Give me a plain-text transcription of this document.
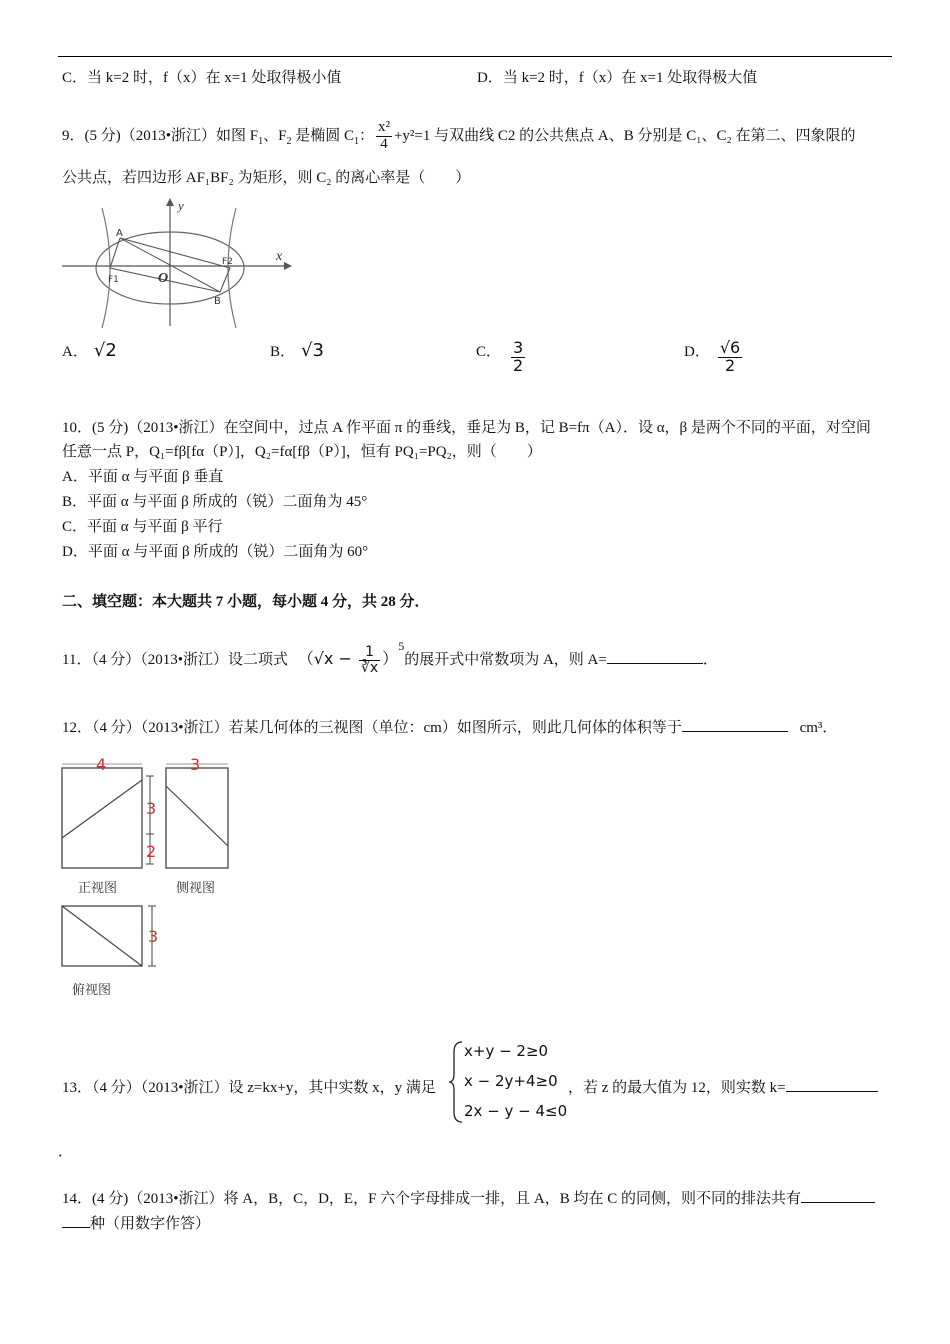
C．当 k=2 时，f（x）在 x=1 处取得极小值	D．当 k=2 时，f（x）在 x=1 处取得极大值
9．(5 分)（2013•浙江）如图 $F_1$、$F_2$ 是椭圆 $C_1$： $\frac{\text{x²}}{4} +y^2=1$ 与双曲线 C2 的公共焦点 A、B 分别是 C₁、C₂ 在第二、四象限的
公共点，若四边形 AF₁BF₂ 为矩形，则 C₂ 的离心率是（　　）
y
x
A
B
F1
F2
O
A． √2	B． √3	C． $\frac{3}{2}$	D． $\frac{√6}{2}$
10．(5 分)（2013•浙江）在空间中，过点 A 作平面 π 的垂线，垂足为 B，记 B=fπ（A）．设 α，β 是两个不同的平面，对空间
任意一点 P，Q₁=fβ[fα（P）]，Q₂=fα[fβ（P）]，恒有 PQ₁=PQ₂，则（　　）
A．平面 α 与平面 β 垂直
B．平面 α 与平面 β 所成的（锐）二面角为 45°
C．平面 α 与平面 β 平行
D．平面 α 与平面 β 所成的（锐）二面角为 60°
二、填空题：本大题共 7 小题，每小题 4 分，共 28 分．
11．（4 分）（2013•浙江）设二项式 $(√x - \frac{1}{∛x} )^5$的展开式中常数项为 A，则 A=	．
12．（4 分）（2013•浙江）若某几何体的三视图（单位：cm）如图所示，则此几何体的体积等于	cm³．
4
3
2
3
正视图	侧视图
3
俯视图
13．（4 分）（2013•浙江）设 z=kx+y，其中实数 x，y 满足
x+y − 2≥0
x − 2y+4≥0
2x − y − 4≤0
，若 z 的最大值为 12，则实数 k=
．
14．(4 分)（2013•浙江）将 A，B，C，D，E，F 六个字母排成一排，且 A，B 均在 C 的同侧，则不同的排法共有
种（用数字作答）
